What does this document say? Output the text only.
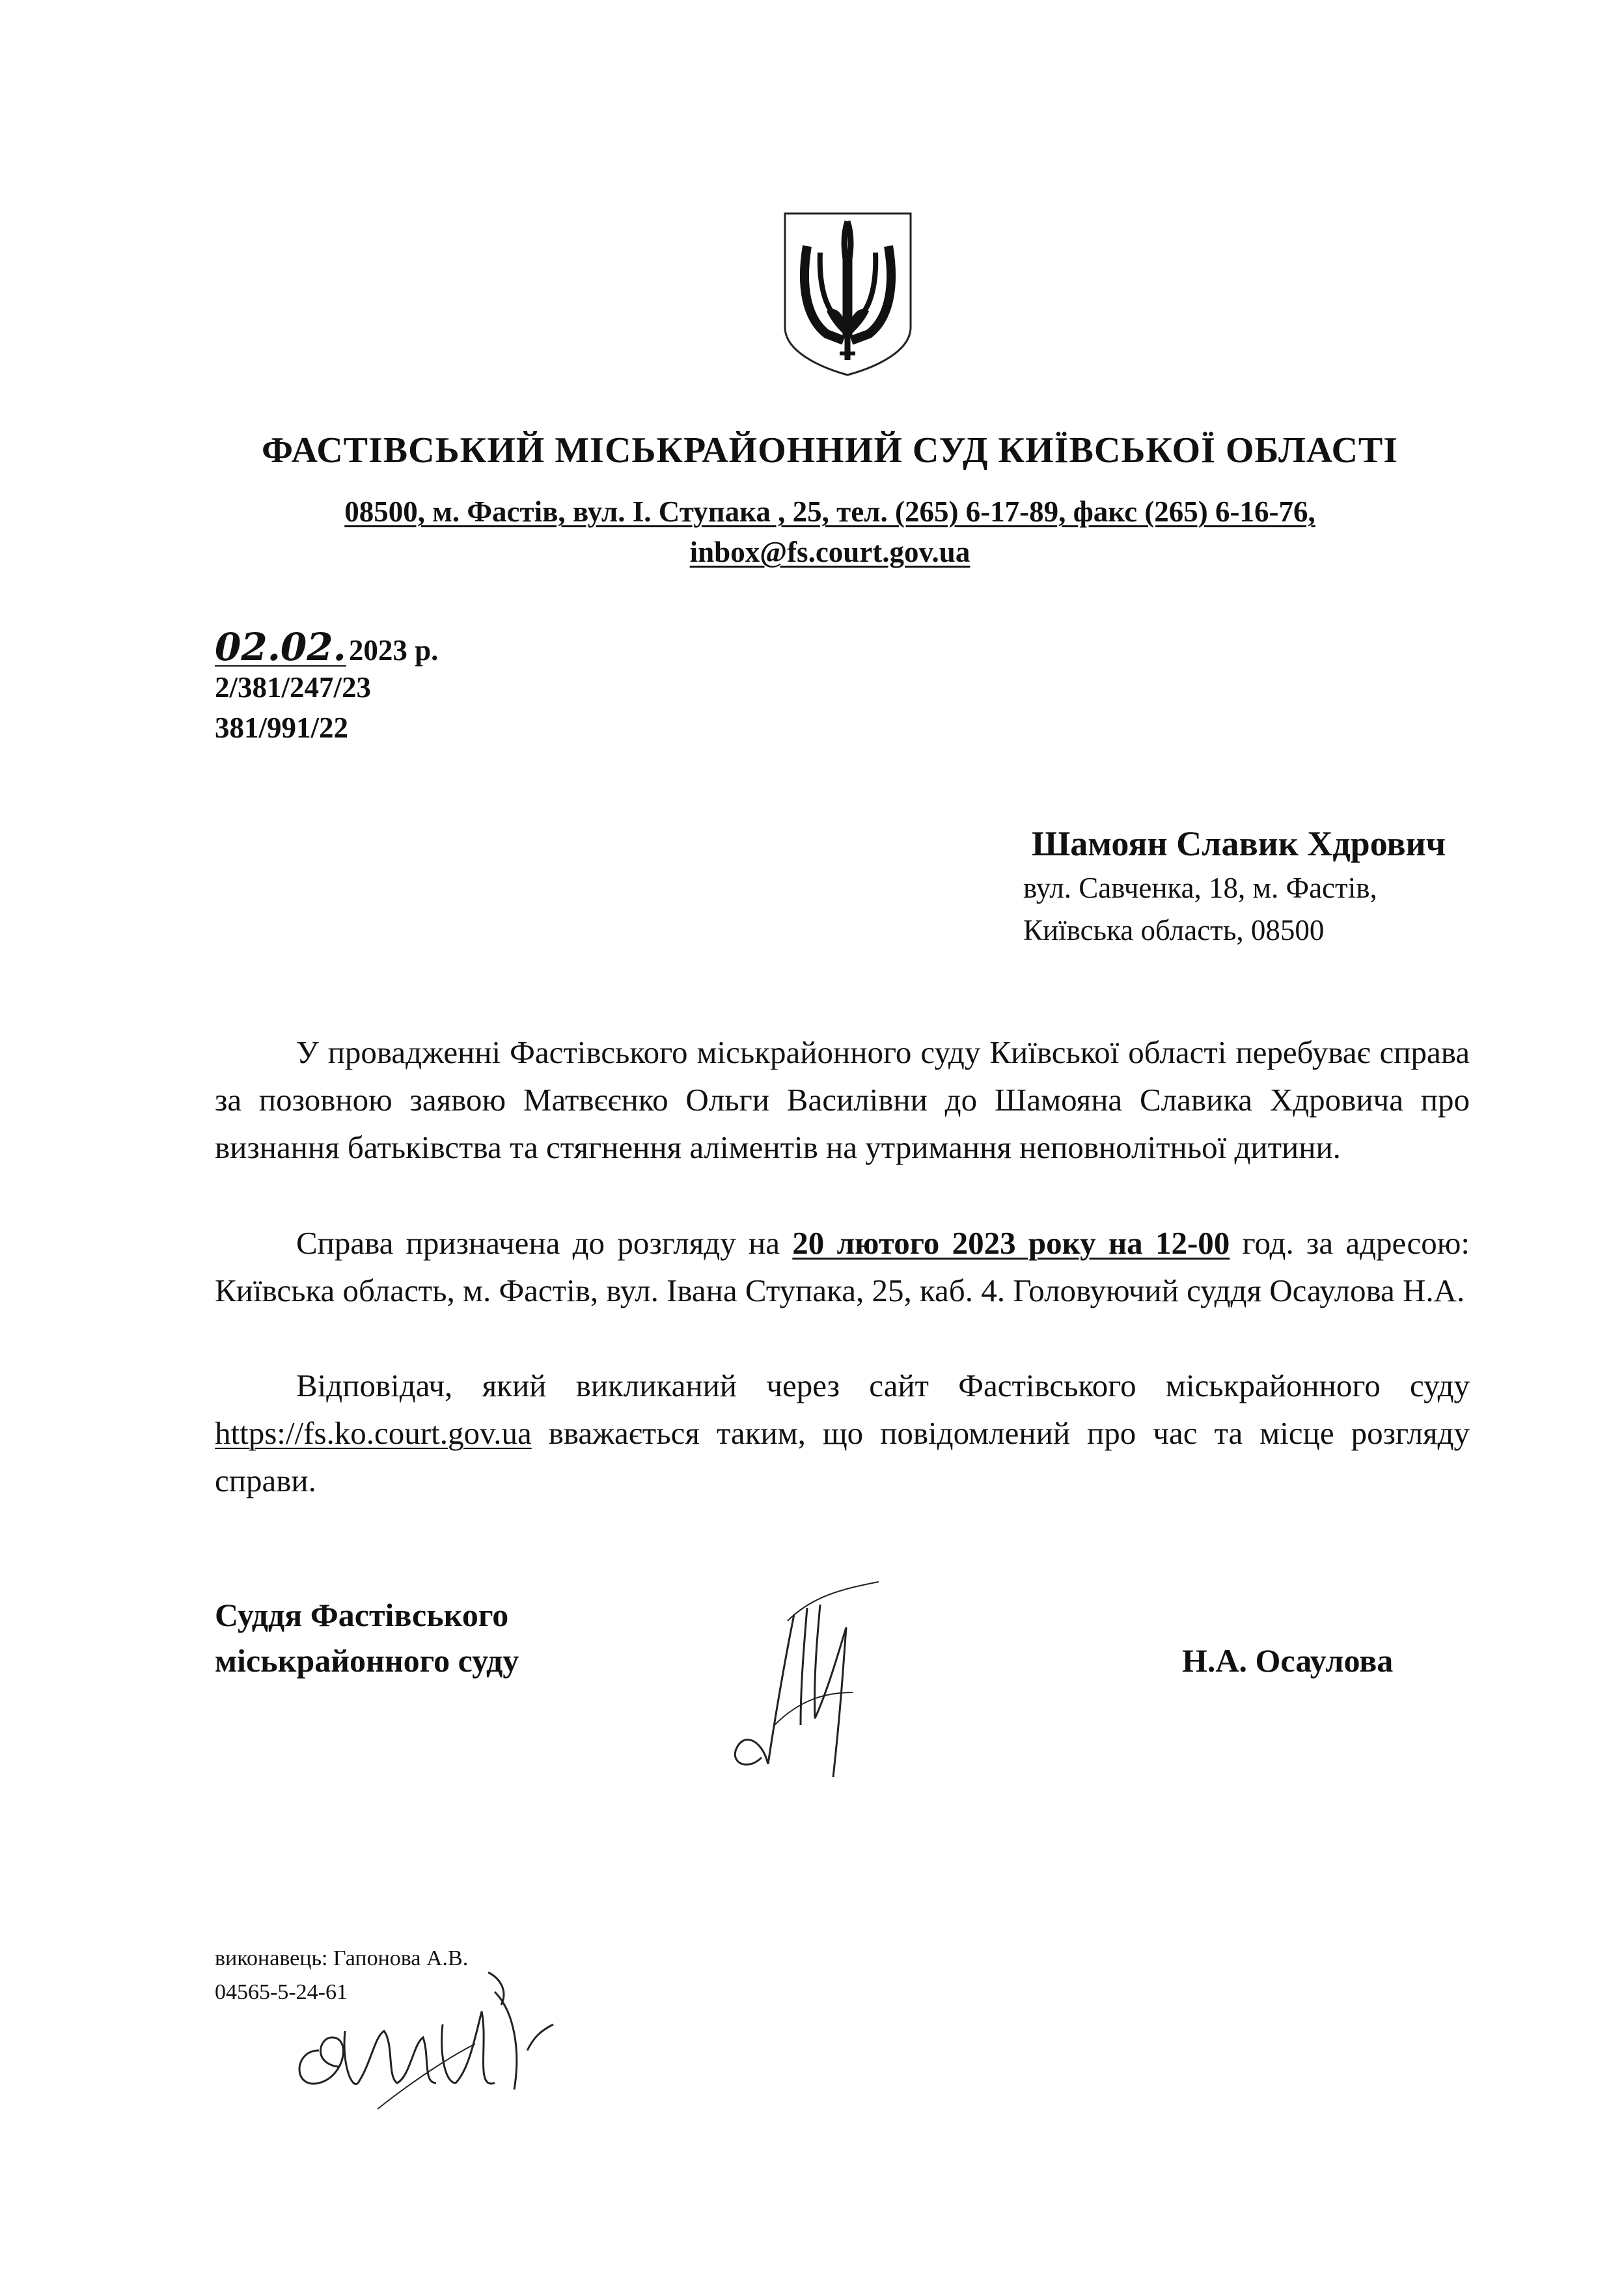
ФАСТІВСЬКИЙ МІСЬКРАЙОННИЙ СУД КИЇВСЬКОЇ ОБЛАСТІ
08500, м. Фастів, вул. І. Ступака , 25, тел. (265) 6-17-89, факс (265) 6-16-76,
inbox@fs.court.gov.ua
02.02.2023 р.
2/381/247/23
381/991/22
Шамоян Славик Хдрович
вул. Савченка, 18, м. Фастів,
Київська область, 08500
У провадженні Фастівського міськрайонного суду Київської області перебуває справа за позовною заявою Матвєєнко Ольги Василівни до Шамояна Славика Хдровича про визнання батьківства та стягнення аліментів на утримання неповнолітньої дитини.
Справа призначена до розгляду на 20 лютого 2023 року на 12-00 год. за адресою: Київська область, м. Фастів, вул. Івана Ступака, 25, каб. 4. Головуючий суддя Осаулова Н.А.
Відповідач, який викликаний через сайт Фастівського міськрайонного суду https://fs.ko.court.gov.ua вважається таким, що повідомлений про час та місце розгляду справи.
Суддя Фастівського
міськрайонного суду	Н.А. Осаулова
виконавець: Гапонова А.В.
04565-5-24-61
